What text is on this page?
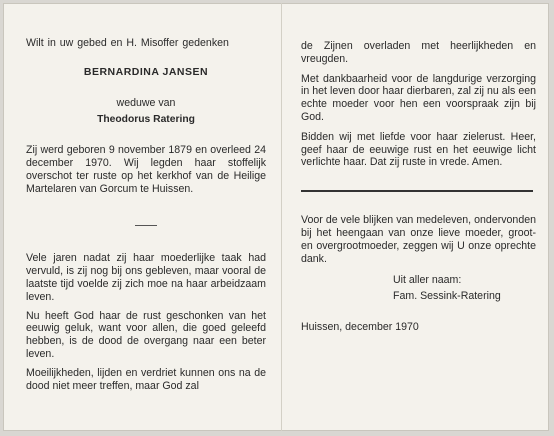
Wilt in uw gebed en H. Misoffer gedenken

BERNARDINA JANSEN

weduwe van

Theodorus Ratering

Zij werd geboren 9 november 1879 en overleed 24 december 1970. Wij legden haar stoffelijk overschot ter ruste op het kerkhof van de Heilige Martelaren van Gorcum te Huissen.

Vele jaren nadat zij haar moederlijke taak had vervuld, is zij nog bij ons gebleven, maar vooral de laatste tijd voelde zij zich moe na haar arbeidzaam leven.

Nu heeft God haar de rust geschonken van het eeuwig geluk, want voor allen, die goed geleefd hebben, is de dood de overgang naar een beter leven.

Moeilijkheden, lijden en verdriet kunnen ons na de dood niet meer treffen, maar God zal

de Zijnen overladen met heerlijkheden en vreugden.

Met dankbaarheid voor de langdurige verzorging in het leven door haar dierbaren, zal zij nu als een echte moeder voor hen een voorspraak zijn bij God.

Bidden wij met liefde voor haar zielerust. Heer, geef haar de eeuwige rust en het eeuwige licht verlichte haar. Dat zij ruste in vrede. Amen.

Voor de vele blijken van medeleven, ondervonden bij het heengaan van onze lieve moeder, groot- en overgrootmoeder, zeggen wij U onze oprechte dank.

Uit aller naam:

Fam. Sessink-Ratering

Huissen, december 1970
